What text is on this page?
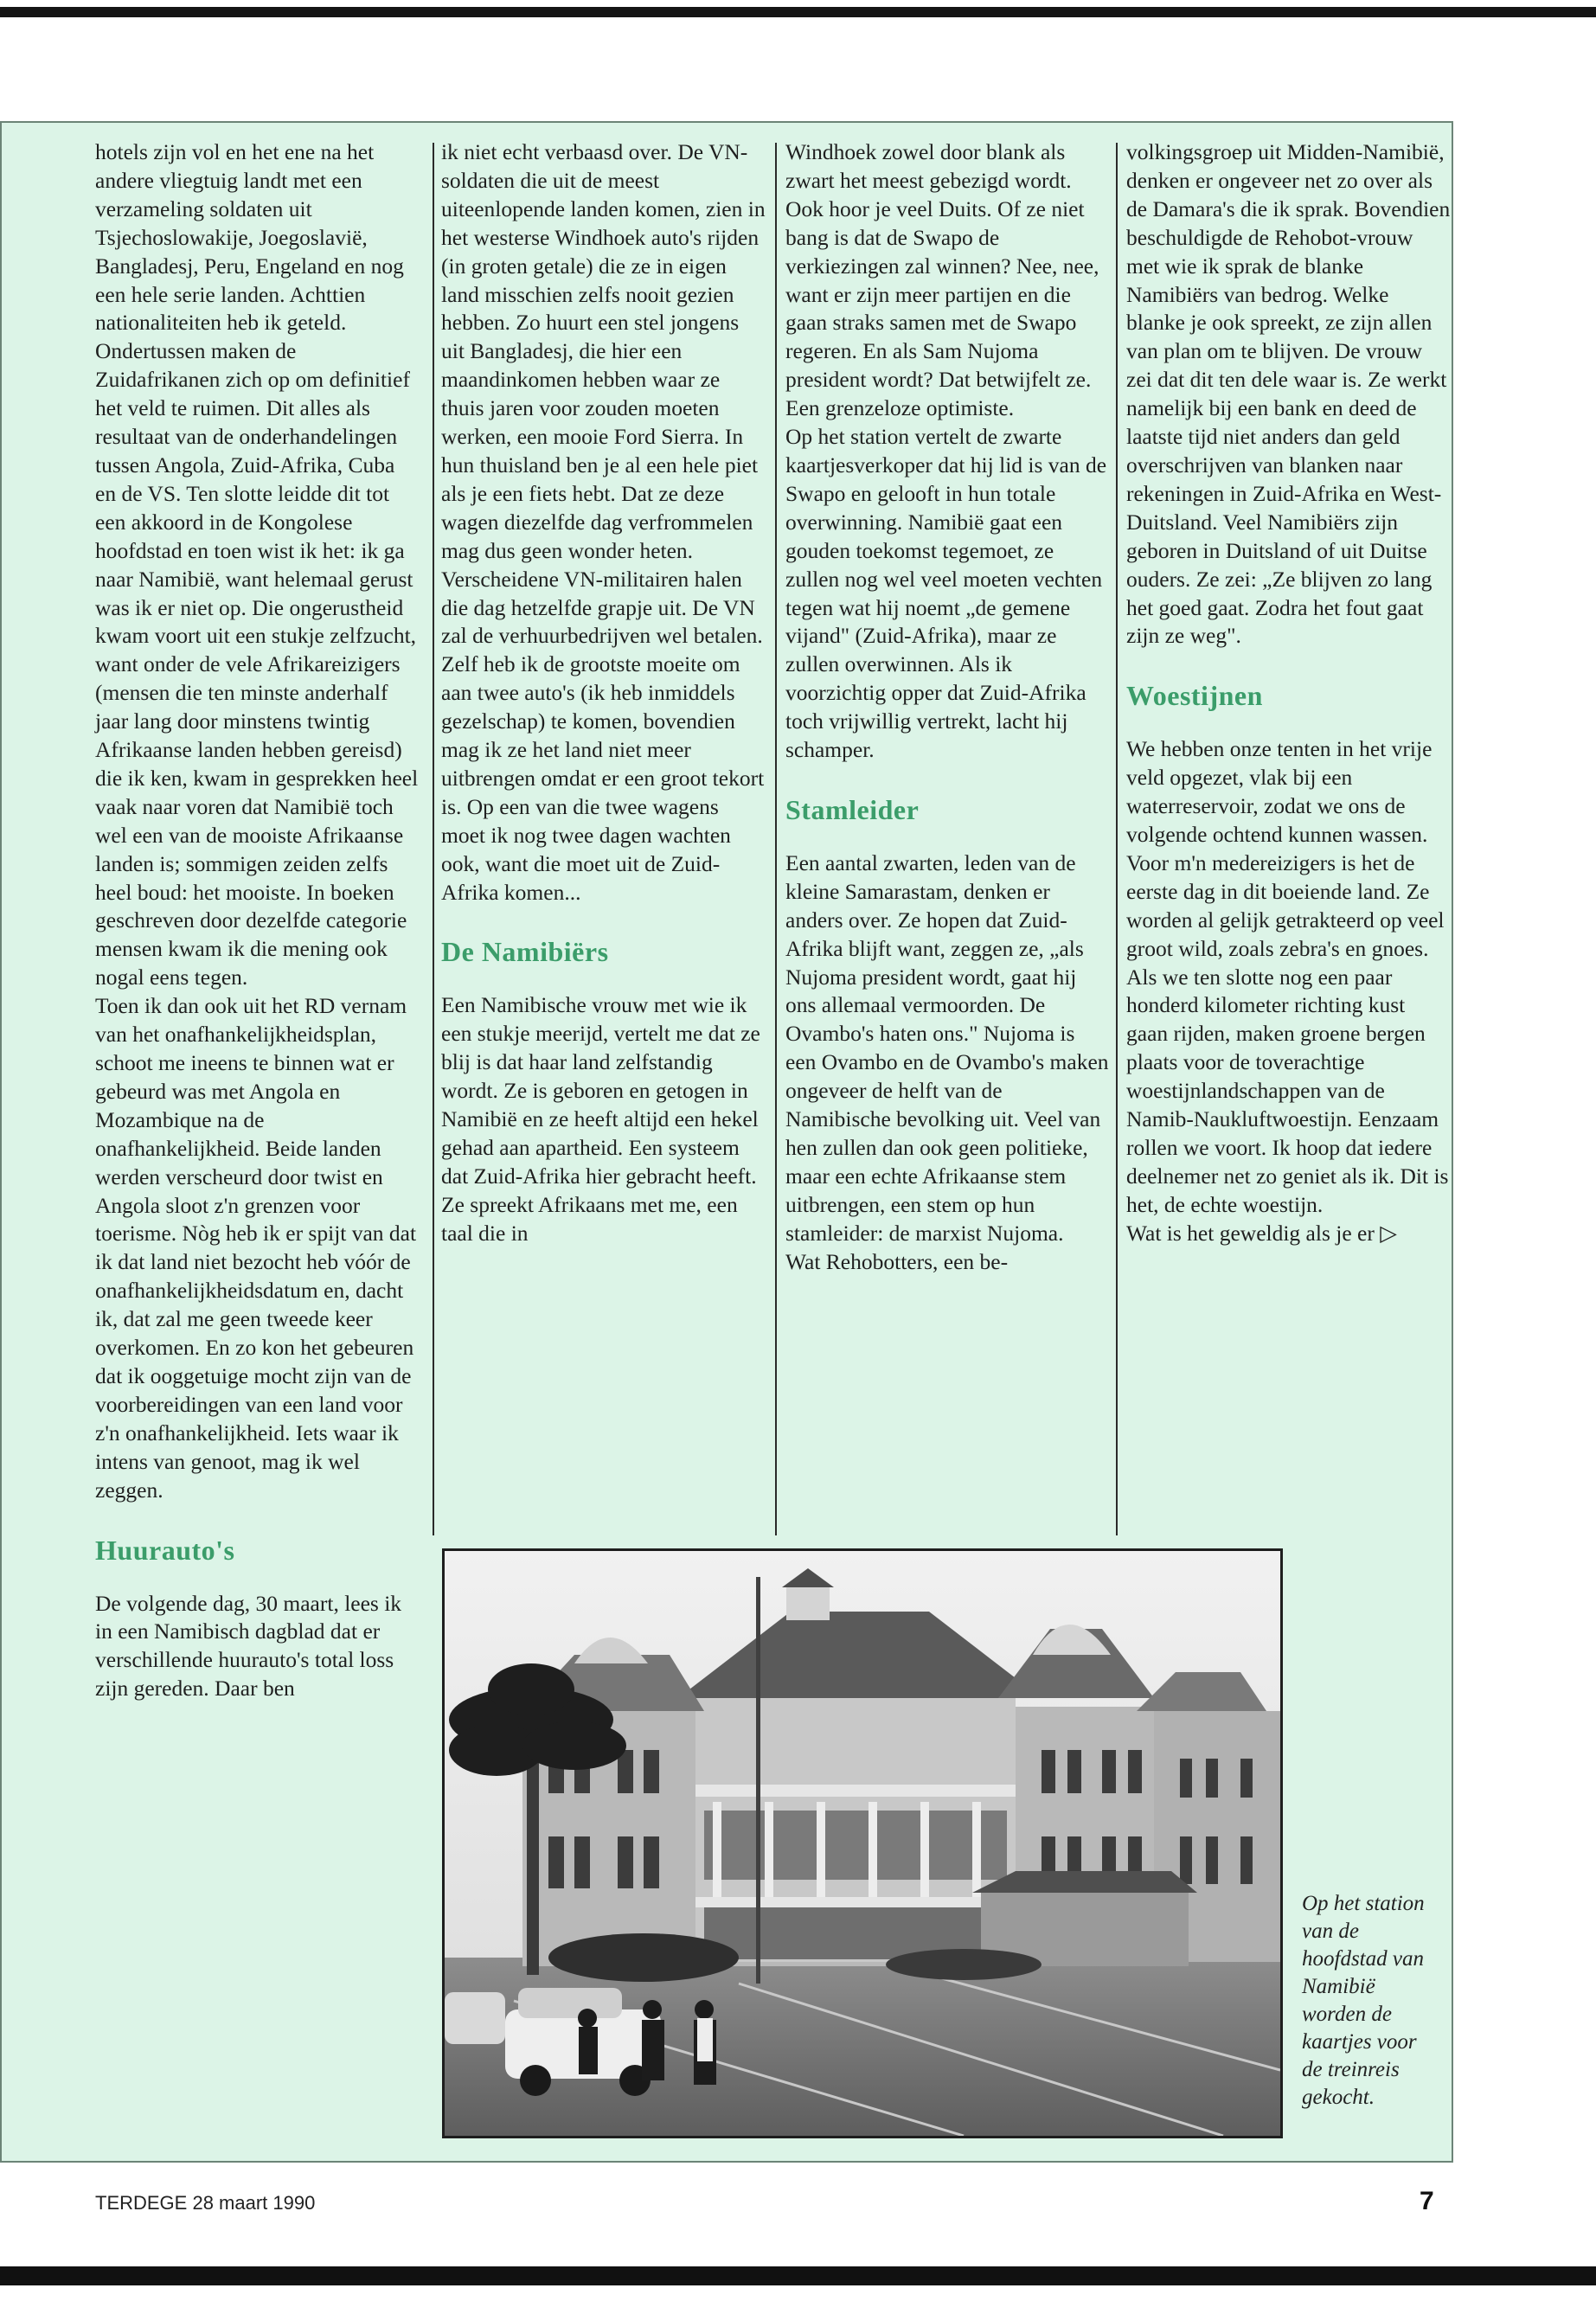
hotels zijn vol en het ene na het andere vliegtuig landt met een verzameling soldaten uit Tsjechoslowakije, Joegoslavië, Bangladesj, Peru, Engeland en nog een hele serie landen. Achttien nationaliteiten heb ik geteld.

Ondertussen maken de Zuidafrikanen zich op om definitief het veld te ruimen. Dit alles als resultaat van de onderhandelingen tussen Angola, Zuid-Afrika, Cuba en de VS. Ten slotte leidde dit tot een akkoord in de Kongolese hoofdstad en toen wist ik het: ik ga naar Namibië, want helemaal gerust was ik er niet op. Die ongerustheid kwam voort uit een stukje zelfzucht, want onder de vele Afrikareizigers (mensen die ten minste anderhalf jaar lang door minstens twintig Afrikaanse landen hebben gereisd) die ik ken, kwam in gesprekken heel vaak naar voren dat Namibië toch wel een van de mooiste Afrikaanse landen is; sommigen zeiden zelfs heel boud: het mooiste. In boeken geschreven door dezelfde categorie mensen kwam ik die mening ook nogal eens tegen.

Toen ik dan ook uit het RD vernam van het onafhankelijkheidsplan, schoot me ineens te binnen wat er gebeurd was met Angola en Mozambique na de onafhankelijkheid. Beide landen werden verscheurd door twist en Angola sloot z'n grenzen voor toerisme. Nòg heb ik er spijt van dat ik dat land niet bezocht heb vóór de onafhankelijkheidsdatum en, dacht ik, dat zal me geen tweede keer overkomen. En zo kon het gebeuren dat ik ooggetuige mocht zijn van de voorbereidingen van een land voor z'n onafhankelijkheid. Iets waar ik intens van genoot, mag ik wel zeggen.

Huurauto's

De volgende dag, 30 maart, lees ik in een Namibisch dagblad dat er verschillende huurauto's total loss zijn gereden. Daar ben

ik niet echt verbaasd over. De VN-soldaten die uit de meest uiteenlopende landen komen, zien in het westerse Windhoek auto's rijden (in groten getale) die ze in eigen land misschien zelfs nooit gezien hebben. Zo huurt een stel jongens uit Bangladesj, die hier een maandinkomen hebben waar ze thuis jaren voor zouden moeten werken, een mooie Ford Sierra. In hun thuisland ben je al een hele piet als je een fiets hebt. Dat ze deze wagen diezelfde dag verfrommelen mag dus geen wonder heten.

Verscheidene VN-militairen halen die dag hetzelfde grapje uit. De VN zal de verhuurbedrijven wel betalen. Zelf heb ik de grootste moeite om aan twee auto's (ik heb inmiddels gezelschap) te komen, bovendien mag ik ze het land niet meer uitbrengen omdat er een groot tekort is. Op een van die twee wagens moet ik nog twee dagen wachten ook, want die moet uit de Zuid-Afrika komen...

De Namibiërs

Een Namibische vrouw met wie ik een stukje meerijd, vertelt me dat ze blij is dat haar land zelfstandig wordt. Ze is geboren en getogen in Namibië en ze heeft altijd een hekel gehad aan apartheid. Een systeem dat Zuid-Afrika hier gebracht heeft. Ze spreekt Afrikaans met me, een taal die in

Windhoek zowel door blank als zwart het meest gebezigd wordt. Ook hoor je veel Duits. Of ze niet bang is dat de Swapo de verkiezingen zal winnen? Nee, nee, want er zijn meer partijen en die gaan straks samen met de Swapo regeren. En als Sam Nujoma president wordt? Dat betwijfelt ze. Een grenzeloze optimiste.

Op het station vertelt de zwarte kaartjesverkoper dat hij lid is van de Swapo en gelooft in hun totale overwinning. Namibië gaat een gouden toekomst tegemoet, ze zullen nog wel veel moeten vechten tegen wat hij noemt „de gemene vijand" (Zuid-Afrika), maar ze zullen overwinnen. Als ik voorzichtig opper dat Zuid-Afrika toch vrijwillig vertrekt, lacht hij schamper.

Stamleider

Een aantal zwarten, leden van de kleine Samarastam, denken er anders over. Ze hopen dat Zuid-Afrika blijft want, zeggen ze, „als Nujoma president wordt, gaat hij ons allemaal vermoorden. De Ovambo's haten ons." Nujoma is een Ovambo en de Ovambo's maken ongeveer de helft van de Namibische bevolking uit. Veel van hen zullen dan ook geen politieke, maar een echte Afrikaanse stem uitbrengen, een stem op hun stamleider: de marxist Nujoma.

Wat Rehobotters, een be-

volkingsgroep uit Midden-Namibië, denken er ongeveer net zo over als de Damara's die ik sprak. Bovendien beschuldigde de Rehobot-vrouw met wie ik sprak de blanke Namibiërs van bedrog. Welke blanke je ook spreekt, ze zijn allen van plan om te blijven. De vrouw zei dat dit ten dele waar is. Ze werkt namelijk bij een bank en deed de laatste tijd niet anders dan geld overschrijven van blanken naar rekeningen in Zuid-Afrika en West-Duitsland. Veel Namibiërs zijn geboren in Duitsland of uit Duitse ouders. Ze zei: „Ze blijven zo lang het goed gaat. Zodra het fout gaat zijn ze weg".

Woestijnen

We hebben onze tenten in het vrije veld opgezet, vlak bij een waterreservoir, zodat we ons de volgende ochtend kunnen wassen. Voor m'n medereizigers is het de eerste dag in dit boeiende land. Ze worden al gelijk getrakteerd op veel groot wild, zoals zebra's en gnoes. Als we ten slotte nog een paar honderd kilometer richting kust gaan rijden, maken groene bergen plaats voor de toverachtige woestijnlandschappen van de Namib-Naukluftwoestijn. Eenzaam rollen we voort. Ik hoop dat iedere deelnemer net zo geniet als ik. Dit is het, de echte woestijn.

Wat is het geweldig als je er ▷

Op het station van de hoofdstad van Namibië worden de kaartjes voor de treinreis gekocht.
TERDEGE 28 maart 1990	7
